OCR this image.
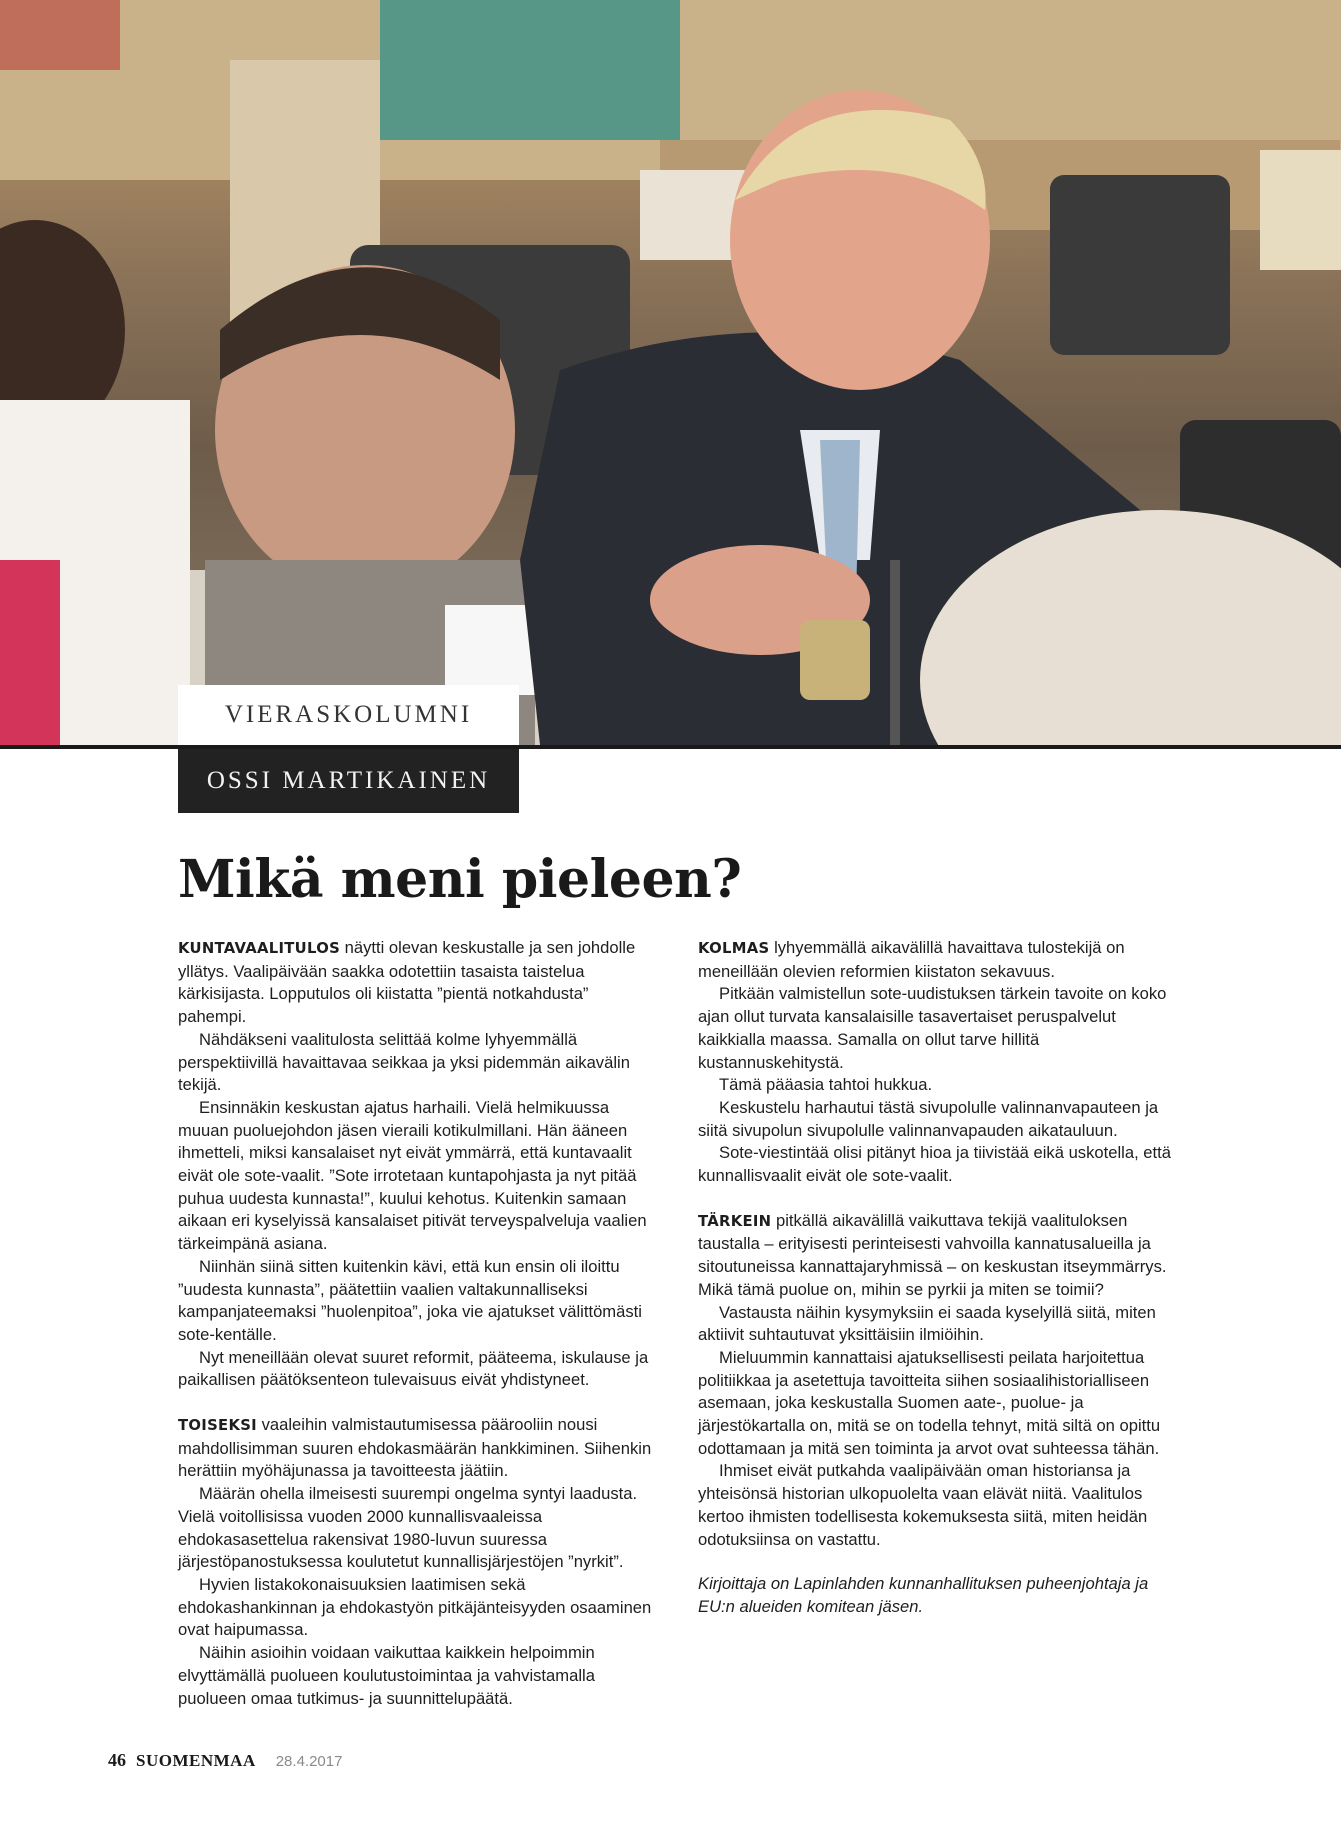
VIERASKOLUMNI
OSSI MARTIKAINEN
Mikä meni pieleen?

KUNTAVAALITULOS näytti olevan keskustalle ja sen johdolle yllätys. Vaalipäivään saakka odotettiin tasaista taistelua kärkisijasta. Lopputulos oli kiistatta ”pientä notkahdusta” pahempi.

Nähdäkseni vaalitulosta selittää kolme lyhyemmällä perspektiivillä havaittavaa seikkaa ja yksi pidemmän aikavälin tekijä.

Ensinnäkin keskustan ajatus harhaili. Vielä helmikuussa muuan puoluejohdon jäsen vieraili kotikulmillani. Hän ääneen ihmetteli, miksi kansalaiset nyt eivät ymmärrä, että kuntavaalit eivät ole sote-vaalit. ”Sote irrotetaan kuntapohjasta ja nyt pitää puhua uudesta kunnasta!”, kuului kehotus. Kuitenkin samaan aikaan eri kyselyissä kansalaiset pitivät terveyspalveluja vaalien tärkeimpänä asiana.

Niinhän siinä sitten kuitenkin kävi, että kun ensin oli iloittu ”uudesta kunnasta”, päätettiin vaalien valtakunnalliseksi kampanjateemaksi ”huolenpitoa”, joka vie ajatukset välittömästi sote-kentälle.

Nyt meneillään olevat suuret reformit, pääteema, iskulause ja paikallisen päätöksenteon tulevaisuus eivät yhdistyneet.

TOISEKSI vaaleihin valmistautumisessa päärooliin nousi mahdollisimman suuren ehdokasmäärän hankkiminen. Siihenkin herättiin myöhäjunassa ja tavoitteesta jäätiin.

Määrän ohella ilmeisesti suurempi ongelma syntyi laadusta. Vielä voitollisissa vuoden 2000 kunnallisvaaleissa ehdokasasettelua rakensivat 1980-luvun suuressa järjestöpanostuksessa koulutetut kunnallisjärjestöjen ”nyrkit”.

Hyvien listakokonaisuuksien laatimisen sekä ehdokashankinnan ja ehdokastyön pitkäjänteisyyden osaaminen ovat haipumassa.

Näihin asioihin voidaan vaikuttaa kaikkein helpoimmin elvyttämällä puolueen koulutustoimintaa ja vahvistamalla puolueen omaa tutkimus- ja suunnittelupäätä.

KOLMAS lyhyemmällä aikavälillä havaittava tulostekijä on meneillään olevien reformien kiistaton sekavuus.

Pitkään valmistellun sote-uudistuksen tärkein tavoite on koko ajan ollut turvata kansalaisille tasavertaiset peruspalvelut kaikkialla maassa. Samalla on ollut tarve hillitä kustannuskehitystä.

Tämä pääasia tahtoi hukkua.

Keskustelu harhautui tästä sivupolulle valinnanvapauteen ja siitä sivupolun sivupolulle valinnanvapauden aikatauluun.

Sote-viestintää olisi pitänyt hioa ja tiivistää eikä uskotella, että kunnallisvaalit eivät ole sote-vaalit.

TÄRKEIN pitkällä aikavälillä vaikuttava tekijä vaalituloksen taustalla – erityisesti perinteisesti vahvoilla kannatusalueilla ja sitoutuneissa kannattajaryhmissä – on keskustan itseymmärrys. Mikä tämä puolue on, mihin se pyrkii ja miten se toimii?

Vastausta näihin kysymyksiin ei saada kyselyillä siitä, miten aktiivit suhtautuvat yksittäisiin ilmiöihin.

Mieluummin kannattaisi ajatuksellisesti peilata harjoitettua politiikkaa ja asetettuja tavoitteita siihen sosiaalihistorialliseen asemaan, joka keskustalla Suomen aate-, puolue- ja järjestökartalla on, mitä se on todella tehnyt, mitä siltä on opittu odottamaan ja mitä sen toiminta ja arvot ovat suhteessa tähän.

Ihmiset eivät putkahda vaalipäivään oman historiansa ja yhteisönsä historian ulkopuolelta vaan elävät niitä. Vaalitulos kertoo ihmisten todellisesta kokemuksesta siitä, miten heidän odotuksiinsa on vastattu.

Kirjoittaja on Lapinlahden kunnanhallituksen puheenjohtaja ja EU:n alueiden komitean jäsen.

46 SUOMENMAA 28.4.2017
